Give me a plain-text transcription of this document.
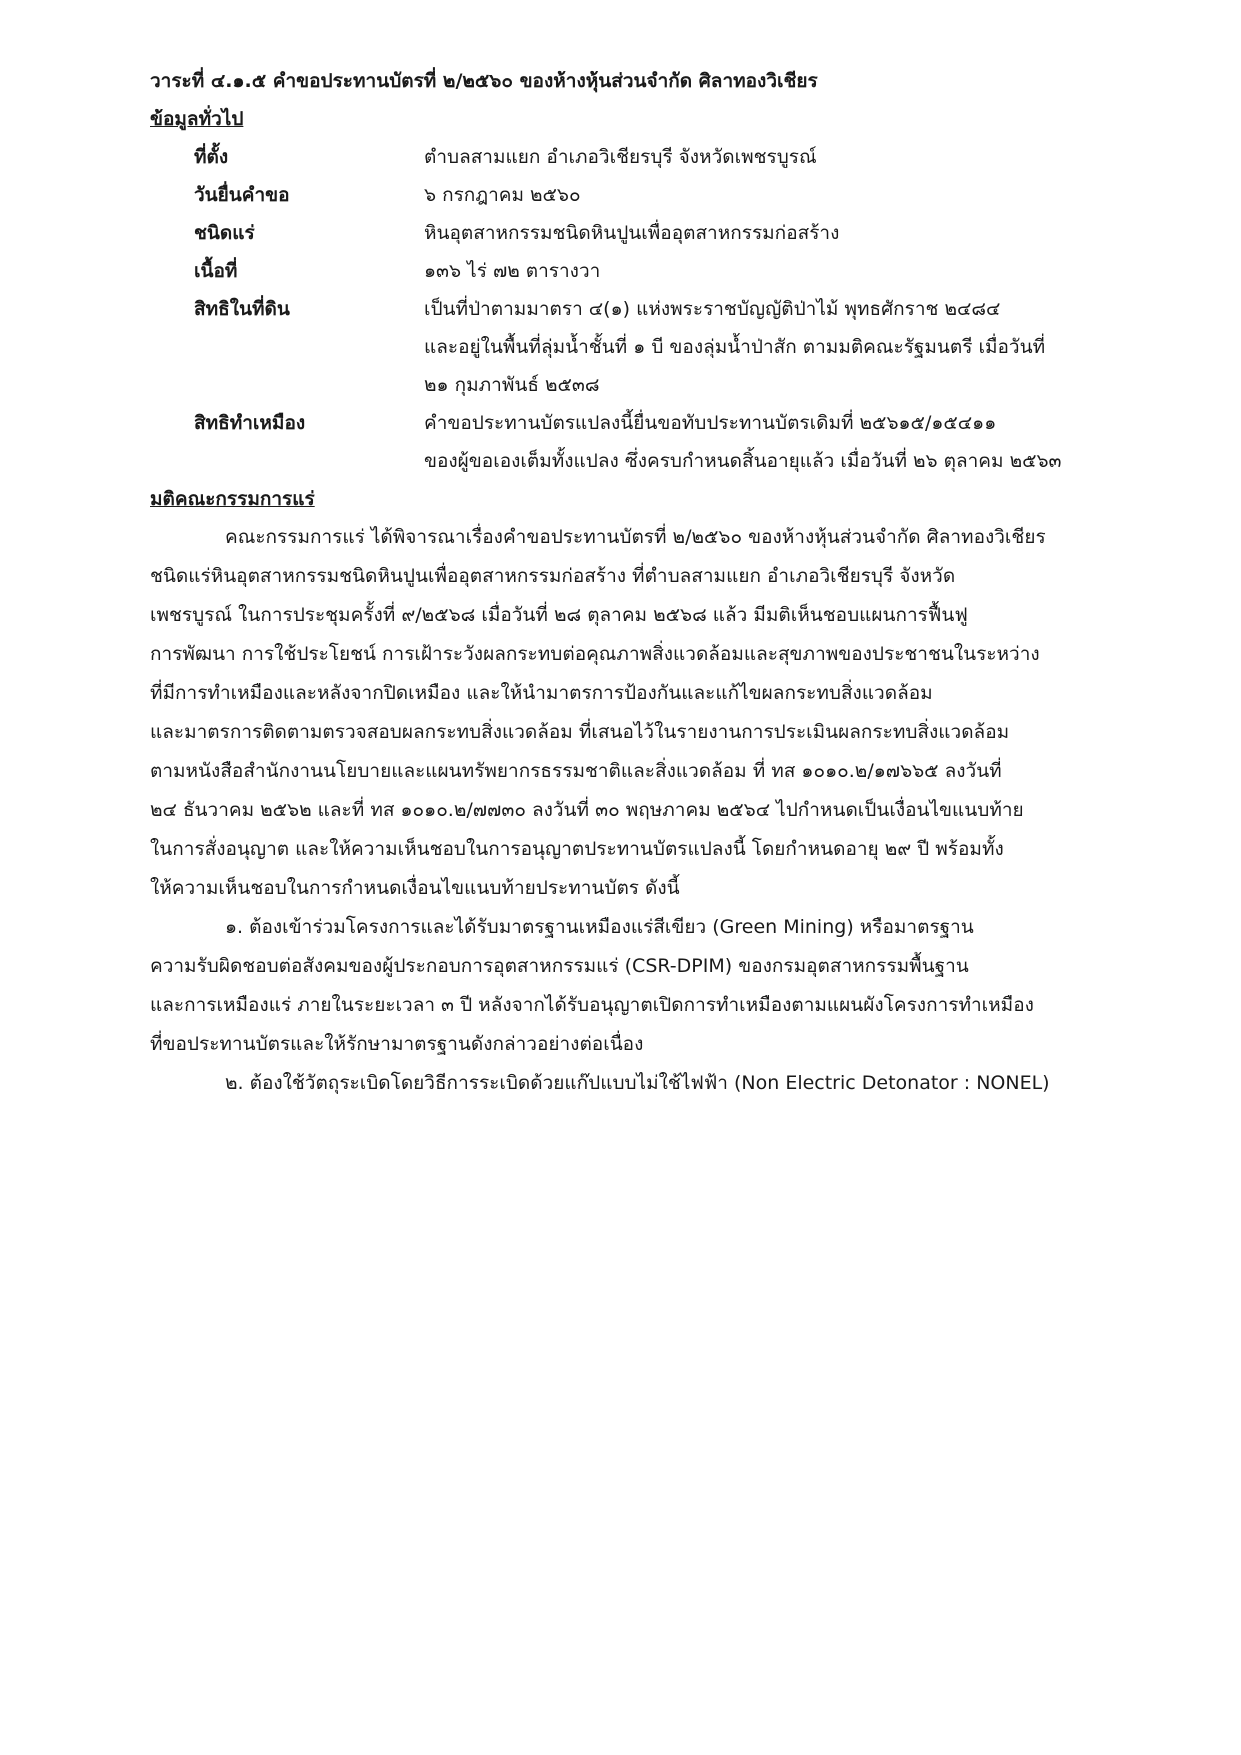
วาระที่ ๔.๑.๕ คำขอประทานบัตรที่ ๒/๒๕๖๐ ของห้างหุ้นส่วนจำกัด ศิลาทองวิเชียร
ข้อมูลทั่วไป
ที่ตั้ง	ตำบลสามแยก อำเภอวิเชียรบุรี จังหวัดเพชรบูรณ์
วันยื่นคำขอ	๖ กรกฎาคม ๒๕๖๐
ชนิดแร่	หินอุตสาหกรรมชนิดหินปูนเพื่ออุตสาหกรรมก่อสร้าง
เนื้อที่	๑๓๖ ไร่ ๗๒ ตารางวา
สิทธิในที่ดิน	เป็นที่ป่าตามมาตรา ๔(๑) แห่งพระราชบัญญัติป่าไม้ พุทธศักราช ๒๔๘๔
และอยู่ในพื้นที่ลุ่มน้ำชั้นที่ ๑ บี ของลุ่มน้ำป่าสัก ตามมติคณะรัฐมนตรี เมื่อวันที่
๒๑ กุมภาพันธ์ ๒๕๓๘
สิทธิทำเหมือง	คำขอประทานบัตรแปลงนี้ยื่นขอทับประทานบัตรเดิมที่ ๒๕๖๑๕/๑๕๔๑๑
ของผู้ขอเองเต็มทั้งแปลง ซึ่งครบกำหนดสิ้นอายุแล้ว เมื่อวันที่ ๒๖ ตุลาคม ๒๕๖๓
มติคณะกรรมการแร่
คณะกรรมการแร่ ได้พิจารณาเรื่องคำขอประทานบัตรที่ ๒/๒๕๖๐ ของห้างหุ้นส่วนจำกัด ศิลาทองวิเชียร
ชนิดแร่หินอุตสาหกรรมชนิดหินปูนเพื่ออุตสาหกรรมก่อสร้าง ที่ตำบลสามแยก อำเภอวิเชียรบุรี จังหวัด
เพชรบูรณ์ ในการประชุมครั้งที่ ๙/๒๕๖๘ เมื่อวันที่ ๒๘ ตุลาคม ๒๕๖๘ แล้ว มีมติเห็นชอบแผนการฟื้นฟู
การพัฒนา การใช้ประโยชน์ การเฝ้าระวังผลกระทบต่อคุณภาพสิ่งแวดล้อมและสุขภาพของประชาชนในระหว่าง
ที่มีการทำเหมืองและหลังจากปิดเหมือง และให้นำมาตรการป้องกันและแก้ไขผลกระทบสิ่งแวดล้อม
และมาตรการติดตามตรวจสอบผลกระทบสิ่งแวดล้อม ที่เสนอไว้ในรายงานการประเมินผลกระทบสิ่งแวดล้อม
ตามหนังสือสำนักงานนโยบายและแผนทรัพยากรธรรมชาติและสิ่งแวดล้อม ที่ ทส ๑๐๑๐.๒/๑๗๖๖๕ ลงวันที่
๒๔ ธันวาคม ๒๕๖๒ และที่ ทส ๑๐๑๐.๒/๗๗๓๐ ลงวันที่ ๓๐ พฤษภาคม ๒๕๖๔ ไปกำหนดเป็นเงื่อนไขแนบท้าย
ในการสั่งอนุญาต และให้ความเห็นชอบในการอนุญาตประทานบัตรแปลงนี้ โดยกำหนดอายุ ๒๙ ปี พร้อมทั้ง
ให้ความเห็นชอบในการกำหนดเงื่อนไขแนบท้ายประทานบัตร ดังนี้
๑. ต้องเข้าร่วมโครงการและได้รับมาตรฐานเหมืองแร่สีเขียว (Green Mining) หรือมาตรฐาน
ความรับผิดชอบต่อสังคมของผู้ประกอบการอุตสาหกรรมแร่ (CSR-DPIM) ของกรมอุตสาหกรรมพื้นฐาน
และการเหมืองแร่ ภายในระยะเวลา ๓ ปี หลังจากได้รับอนุญาตเปิดการทำเหมืองตามแผนผังโครงการทำเหมือง
ที่ขอประทานบัตรและให้รักษามาตรฐานดังกล่าวอย่างต่อเนื่อง
๒. ต้องใช้วัตถุระเบิดโดยวิธีการระเบิดด้วยแก๊ปแบบไม่ใช้ไฟฟ้า (Non Electric Detonator : NONEL)
